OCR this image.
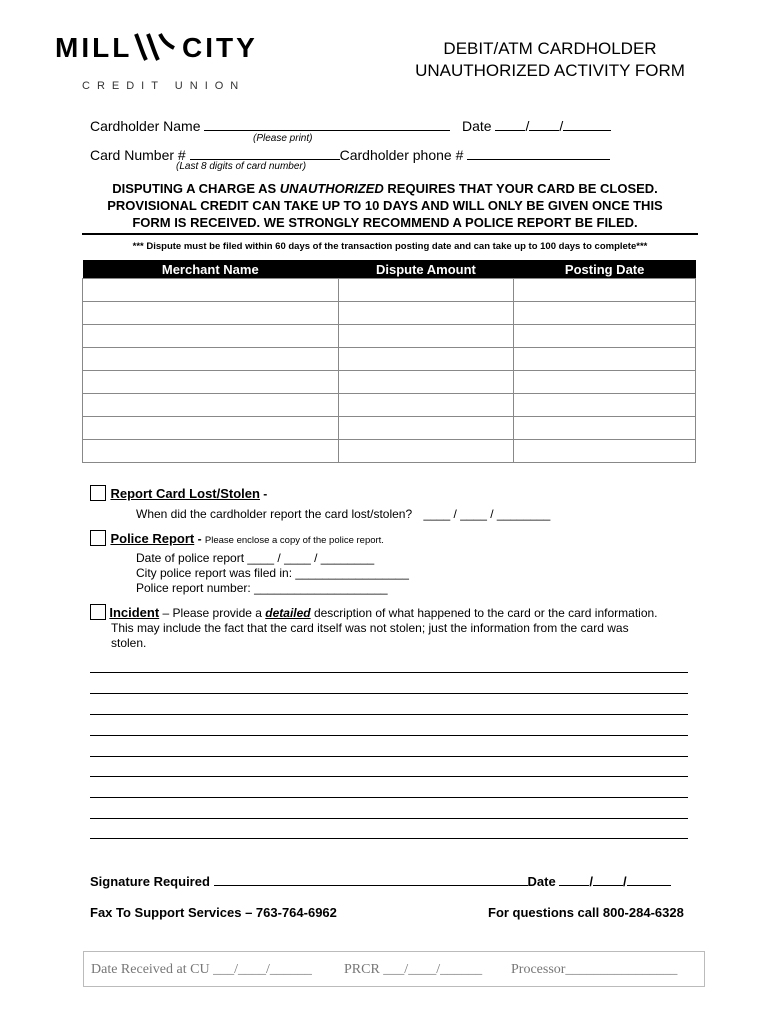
MILL CITY
CREDIT UNION
DEBIT/ATM CARDHOLDER
UNAUTHORIZED ACTIVITY FORM
Cardholder Name	Date / /
(Please print)
Card Number #	Cardholder phone #
(Last 8 digits of card number)
DISPUTING A CHARGE AS UNAUTHORIZED REQUIRES THAT YOUR CARD BE CLOSED.
PROVISIONAL CREDIT CAN TAKE UP TO 10 DAYS AND WILL ONLY BE GIVEN ONCE THIS
FORM IS RECEIVED. WE STRONGLY RECOMMEND A POLICE REPORT BE FILED.
*** Dispute must be filed within 60 days of the transaction posting date and can take up to 100 days to complete***
Merchant Name	Dispute Amount	Posting Date

Report Card Lost/Stolen -
When did the cardholder report the card lost/stolen? ____ / ____ / ________
Police Report - Please enclose a copy of the police report.
Date of police report ____ / ____ / ________
City police report was filed in: _________________
Police report number: ____________________
Incident – Please provide a detailed description of what happened to the card or the card information.
This may include the fact that the card itself was not stolen; just the information from the card was
stolen.
Signature Required	Date	/ /
Fax To Support Services – 763-764-6962	For questions call 800-284-6328
Date Received at CU ___/____/______ PRCR ___/____/______ Processor________________
